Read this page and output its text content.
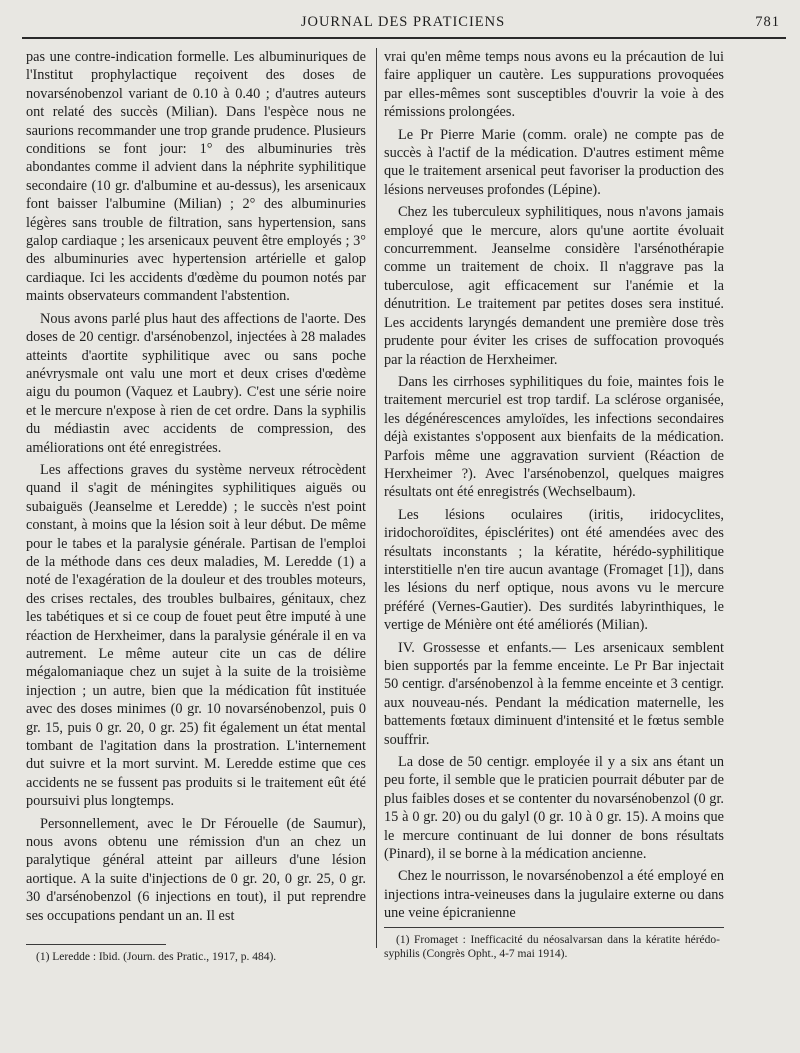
JOURNAL DES PRATICIENS	781

pas une contre-indication formelle. Les albuminuriques de l'Institut prophylactique reçoivent des doses de novarsénobenzol variant de 0.10 à 0.40 ; d'autres auteurs ont relaté des succès (Milian). Dans l'espèce nous ne saurions recommander une trop grande prudence. Plusieurs conditions se font jour: 1° des albuminuries très abondantes comme il advient dans la néphrite syphilitique secondaire (10 gr. d'albumine et au-dessus), les arsenicaux font baisser l'albumine (Milian) ; 2° des albuminuries légères sans trouble de filtration, sans hypertension, sans galop cardiaque ; les arsenicaux peuvent être employés ; 3° des albuminuries avec hypertension artérielle et galop cardiaque. Ici les accidents d'œdème du poumon notés par maints observateurs commandent l'abstention.

Nous avons parlé plus haut des affections de l'aorte. Des doses de 20 centigr. d'arsénobenzol, injectées à 28 malades atteints d'aortite syphilitique avec ou sans poche anévrysmale ont valu une mort et deux crises d'œdème aigu du poumon (Vaquez et Laubry). C'est une série noire et le mercure n'expose à rien de cet ordre. Dans la syphilis du médiastin avec accidents de compression, des améliorations ont été enregistrées.

Les affections graves du système nerveux rétrocèdent quand il s'agit de méningites syphilitiques aiguës ou subaiguës (Jeanselme et Leredde) ; le succès n'est point constant, à moins que la lésion soit à leur début. De même pour le tabes et la paralysie générale. Partisan de l'emploi de la méthode dans ces deux maladies, M. Leredde (1) a noté de l'exagération de la douleur et des troubles moteurs, des crises rectales, des troubles bulbaires, génitaux, chez les tabétiques et si ce coup de fouet peut être imputé à une réaction de Herxheimer, dans la paralysie générale il en va autrement. Le même auteur cite un cas de délire mégalomaniaque chez un sujet à la suite de la troisième injection ; un autre, bien que la médication fût instituée avec des doses minimes (0 gr. 10 novarsénobenzol, puis 0 gr. 15, puis 0 gr. 20, 0 gr. 25) fit également un état mental tombant de l'agitation dans la prostration. L'internement dut suivre et la mort survint. M. Leredde estime que ces accidents ne se fussent pas produits si le traitement eût été poursuivi plus longtemps.

Personnellement, avec le Dr Férouelle (de Saumur), nous avons obtenu une rémission d'un an chez un paralytique général atteint par ailleurs d'une lésion aortique. A la suite d'injections de 0 gr. 20, 0 gr. 25, 0 gr. 30 d'arsénobenzol (6 injections en tout), il put reprendre ses occupations pendant un an. Il est

vrai qu'en même temps nous avons eu la précaution de lui faire appliquer un cautère. Les suppurations provoquées par elles-mêmes sont susceptibles d'ouvrir la voie à des rémissions prolongées.

Le Pr Pierre Marie (comm. orale) ne compte pas de succès à l'actif de la médication. D'autres estiment même que le traitement arsenical peut favoriser la production des lésions nerveuses profondes (Lépine).

Chez les tuberculeux syphilitiques, nous n'avons jamais employé que le mercure, alors qu'une aortite évoluait concurremment. Jeanselme considère l'arsénothérapie comme un traitement de choix. Il n'aggrave pas la tuberculose, agit efficacement sur l'anémie et la dénutrition. Le traitement par petites doses sera institué. Les accidents laryngés demandent une première dose très prudente pour éviter les crises de suffocation provoqués par la réaction de Herxheimer.

Dans les cirrhoses syphilitiques du foie, maintes fois le traitement mercuriel est trop tardif. La sclérose organisée, les dégénérescences amyloïdes, les infections secondaires déjà existantes s'opposent aux bienfaits de la médication. Parfois même une aggravation survient (Réaction de Herxheimer ?). Avec l'arsénobenzol, quelques maigres résultats ont été enregistrés (Wechselbaum).

Les lésions oculaires (iritis, iridocyclites, iridochoroïdites, épisclérites) ont été amendées avec des résultats inconstants ; la kératite, hérédo-syphilitique interstitielle n'en tire aucun avantage (Fromaget [1]), dans les lésions du nerf optique, nous avons vu le mercure préféré (Vernes-Gautier). Des surdités labyrinthiques, le vertige de Ménière ont été améliorés (Milian).

IV. Grossesse et enfants.— Les arsenicaux semblent bien supportés par la femme enceinte. Le Pr Bar injectait 50 centigr. d'arsénobenzol à la femme enceinte et 3 centigr. aux nouveau-nés. Pendant la médication maternelle, les battements fœtaux diminuent d'intensité et le fœtus semble souffrir.

La dose de 50 centigr. employée il y a six ans étant un peu forte, il semble que le praticien pourrait débuter par de plus faibles doses et se contenter du novarsénobenzol (0 gr. 15 à 0 gr. 20) ou du galyl (0 gr. 10 à 0 gr. 15). A moins que le mercure continuant de lui donner de bons résultats (Pinard), il se borne à la médication ancienne.

Chez le nourrisson, le novarsénobenzol a été employé en injections intra-veineuses dans la jugulaire externe ou dans une veine épicranienne

(1) Leredde : Ibid. (Journ. des Pratic., 1917, p. 484).
(1) Fromaget : Inefficacité du néosalvarsan dans la kératite hérédo-syphilis (Congrès Opht., 4-7 mai 1914).
